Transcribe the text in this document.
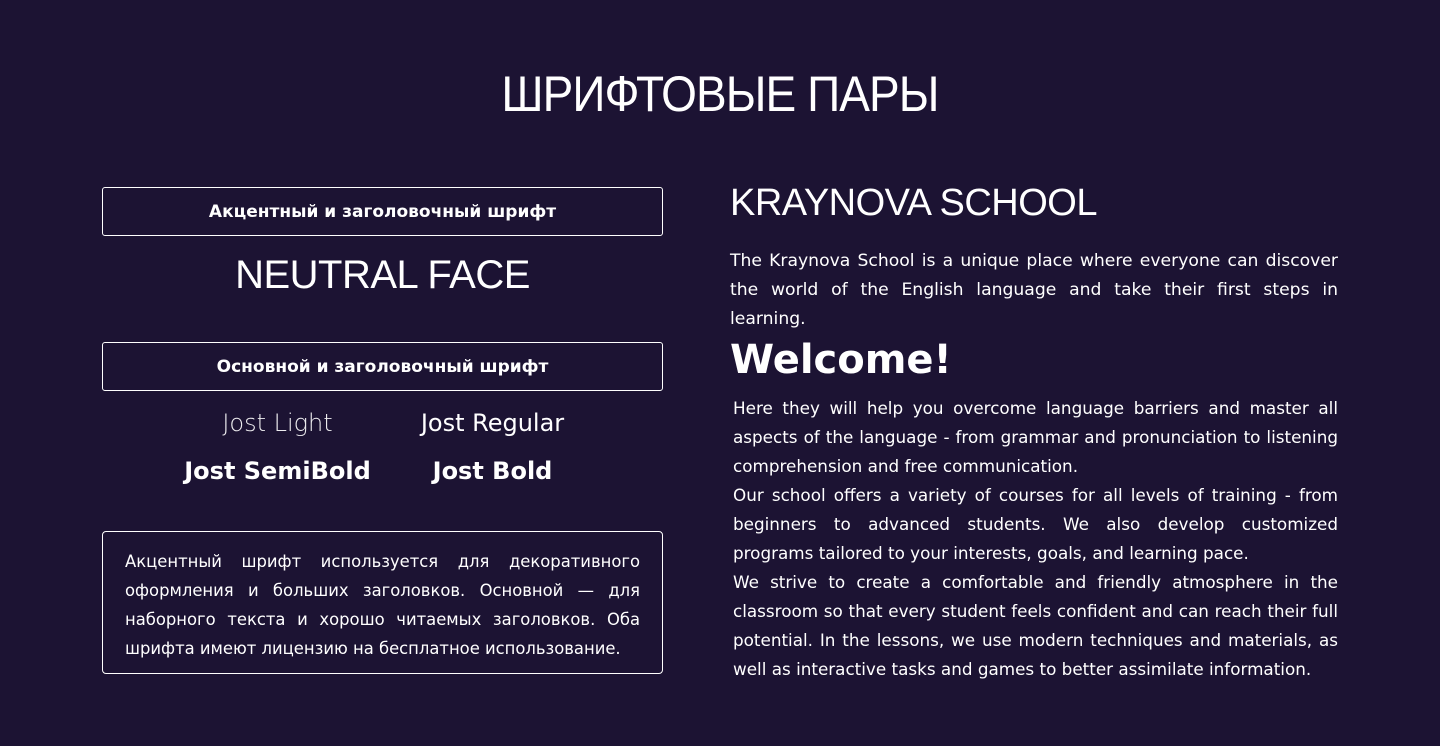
ШРИФТОВЫЕ ПАРЫ
Акцентный и заголовочный шрифт
NEUTRAL FACE
Основной и заголовочный шрифт
Jost Light	Jost Regular
Jost SemiBold	Jost Bold
Акцентный шрифт используется для декоративного оформления и больших заголовков. Основной — для наборного текста и хорошо читаемых заголовков. Оба шрифта имеют лицензию на бесплатное использование.
KRAYNOVA SCHOOL
The Kraynova School is a unique place where everyone can discover the world of the English language and take their first steps in learning.
Welcome!

Here they will help you overcome language barriers and master all aspects of the language - from grammar and pronunciation to listening comprehension and free communication.

Our school offers a variety of courses for all levels of training - from beginners to advanced students. We also develop customized programs tailored to your interests, goals, and learning pace.

We strive to create a comfortable and friendly atmosphere in the classroom so that every student feels confident and can reach their full potential. In the lessons, we use modern techniques and materials, as well as interactive tasks and games to better assimilate information.
